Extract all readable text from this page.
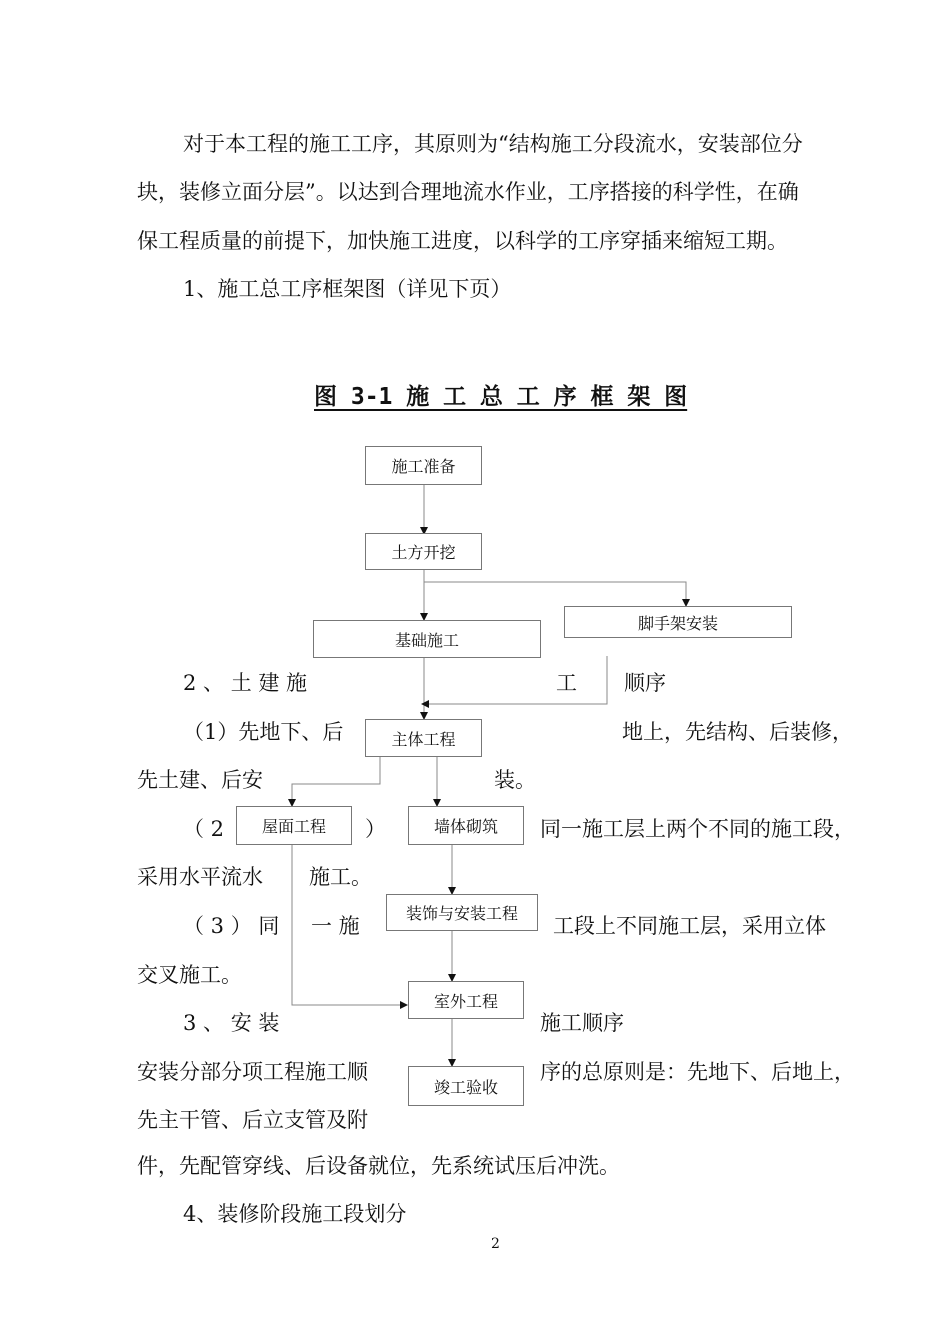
对于本工程的施工工序，其原则为“结构施工分段流水，安装部位分
块，装修立面分层”。以达到合理地流水作业，工序搭接的科学性，在确
保工程质量的前提下，加快施工进度，以科学的工序穿插来缩短工期。
1、施工总工序框架图（详见下页）
图 3-1 施 工 总 工 序 框 架 图
2 、 土 建 施	工 顺序
（1）先地下、后	地上，先结构、后装修，
先土建、后安	装。
（ 2	）	同一施工层上两个不同的施工段，
采用水平流水 施工。
（ 3 ） 同 一 施	工段上不同施工层，采用立体
交叉施工。
3 、 安 装	施工顺序
安装分部分项工程施工顺	序的总原则是：先地下、后地上，
先主干管、后立支管及附
件，先配管穿线、后设备就位，先系统试压后冲洗。
4、装修阶段施工段划分
施工准备
土方开挖
脚手架安装
基础施工
主体工程
屋面工程	墙体砌筑
装饰与安装工程
室外工程
竣工验收
2
